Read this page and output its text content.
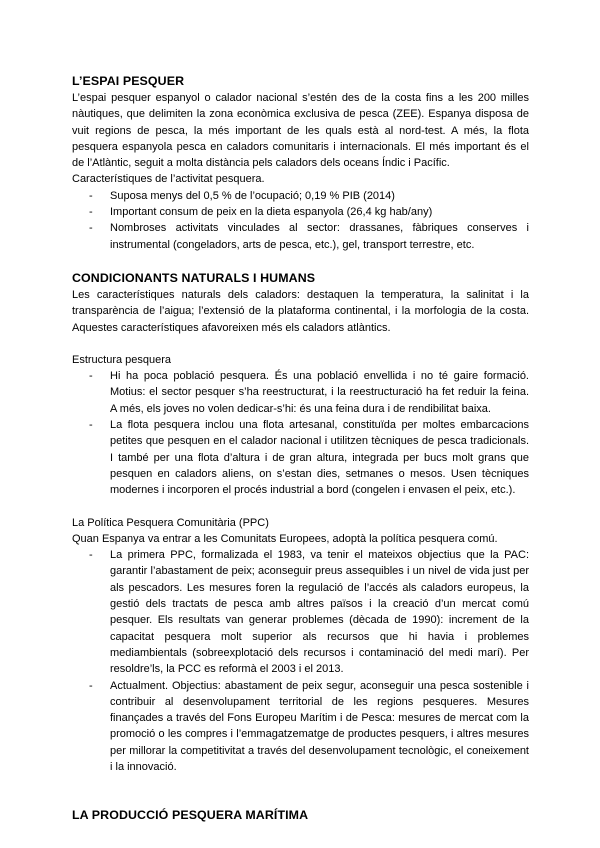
L’ESPAI PESQUER

L’espai pesquer espanyol o calador nacional s’estén des de la costa fins a les 200 milles nàutiques, que delimiten la zona econòmica exclusiva de pesca (ZEE). Espanya disposa de vuit regions de pesca, la més important de les quals està al nord-test. A més, la flota pesquera espanyola pesca en caladors comunitaris i internacionals. El més important és el de l’Atlàntic, seguit a molta distància pels caladors dels oceans Índic i Pacífic.

Característiques de l’activitat pesquera.

- Suposa menys del 0,5 % de l’ocupació; 0,19 % PIB (2014)
- Important consum de peix en la dieta espanyola (26,4 kg hab/any)
- Nombroses activitats vinculades al sector: drassanes, fàbriques conserves i instrumental (congeladors, arts de pesca, etc.), gel, transport terrestre, etc.
CONDICIONANTS NATURALS I HUMANS

Les característiques naturals dels caladors: destaquen la temperatura, la salinitat i la transparència de l’aigua; l’extensió de la plataforma continental, i la morfologia de la costa. Aquestes característiques afavoreixen més els caladors atlàntics.

Estructura pesquera

- Hi ha poca població pesquera. És una població envellida i no té gaire formació. Motius: el sector pesquer s’ha reestructurat, i la reestructuració ha fet reduir la feina. A més, els joves no volen dedicar-s’hi: és una feina dura i de rendibilitat baixa.
- La flota pesquera inclou una flota artesanal, constituïda per moltes embarcacions petites que pesquen en el calador nacional i utilitzen tècniques de pesca tradicionals. I també per una flota d’altura i de gran altura, integrada per bucs molt grans que pesquen en caladors aliens, on s’estan dies, setmanes o mesos. Usen tècniques modernes i incorporen el procés industrial a bord (congelen i envasen el peix, etc.).

La Política Pesquera Comunitària (PPC)

Quan Espanya va entrar a les Comunitats Europees, adoptà la política pesquera comú.

- La primera PPC, formalizada el 1983, va tenir el mateixos objectius que la PAC: garantir l’abastament de peix; aconseguir preus assequibles i un nivel de vida just per als pescadors. Les mesures foren la regulació de l’accés als caladors europeus, la gestió dels tractats de pesca amb altres països i la creació d’un mercat comú pesquer. Els resultats van generar problemes (dècada de 1990): increment de la capacitat pesquera molt superior als recursos que hi havia i problemes mediambientals (sobreexplotació dels recursos i contaminació del medi marí). Per resoldre’ls, la PCC es reformà el 2003 i el 2013.
- Actualment. Objectius: abastament de peix segur, aconseguir una pesca sostenible i contribuir al desenvolupament territorial de les regions pesqueres. Mesures finançades a través del Fons Europeu Marítim i de Pesca: mesures de mercat com la promoció o les compres i l’emmagatzematge de productes pesquers, i altres mesures per millorar la competitivitat a través del desenvolupament tecnològic, el coneixement i la innovació.
LA PRODUCCIÓ PESQUERA MARÍTIMA
